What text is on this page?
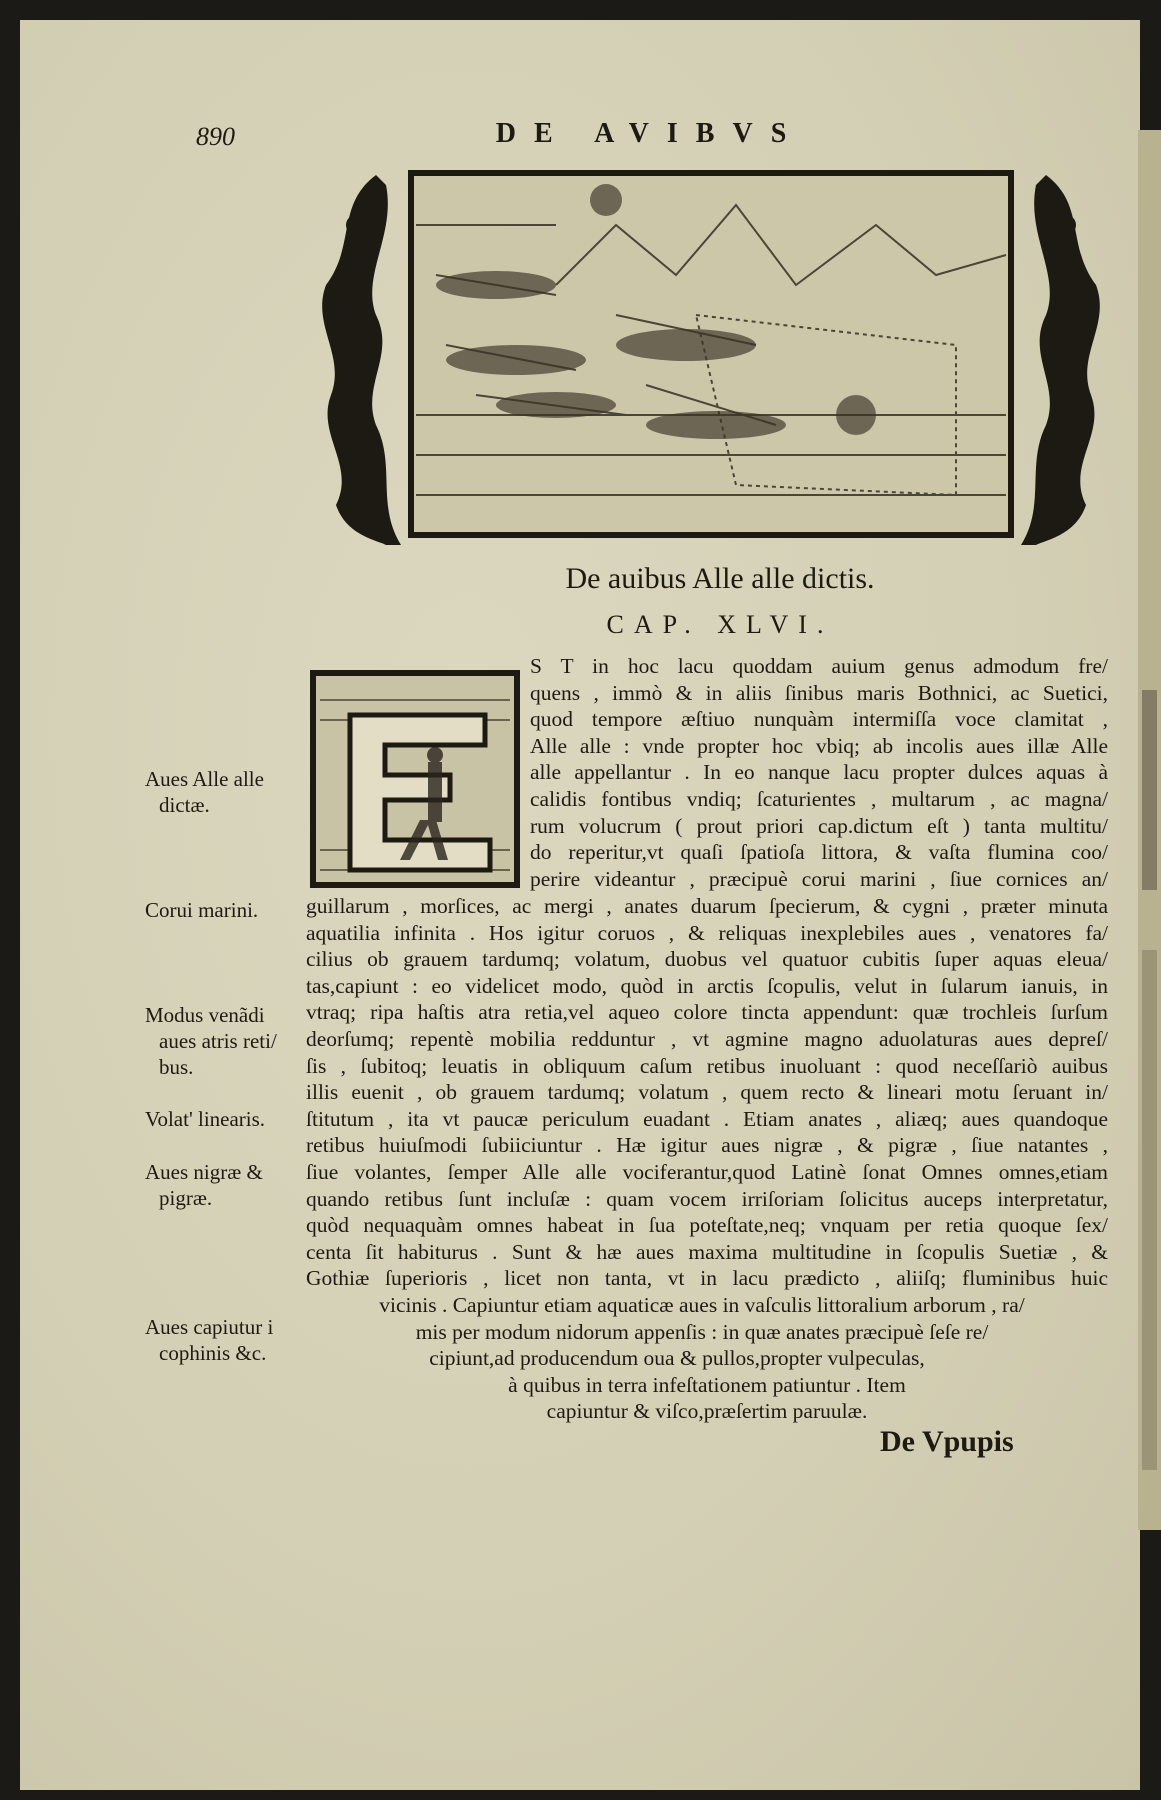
890	DE AVIBVS
De auibus Alle alle dictis.
CAP. XLVI.
S T in hoc lacu quoddam auium genus admodum fre/
quens , immò & in aliis ſinibus maris Bothnici, ac Suetici,
quod tempore æſtiuo nunquàm intermiſſa voce clamitat ,
Alle alle : vnde propter hoc vbiq; ab incolis aues illæ Alle
alle appellantur . In eo nanque lacu propter dulces aquas à
calidis fontibus vndiq; ſcaturientes , multarum , ac magna/
rum volucrum ( prout priori cap.dictum eſt ) tanta multitu/
do reperitur,vt quaſi ſpatioſa littora, & vaſta flumina coo/
perire videantur , præcipuè corui marini , ſiue cornices an/
guillarum , morſices, ac mergi , anates duarum ſpecierum, & cygni , præter minuta
aquatilia infinita . Hos igitur coruos , & reliquas inexplebiles aues , venatores fa/
cilius ob grauem tardumq; volatum, duobus vel quatuor cubitis ſuper aquas eleua/
tas,capiunt : eo videlicet modo, quòd in arctis ſcopulis, velut in ſularum ianuis, in
vtraq; ripa haſtis atra retia,vel aqueo colore tincta appendunt: quæ trochleis ſurſum
deorſumq; repentè mobilia redduntur , vt agmine magno aduolaturas aues depreſ/
ſis , ſubitoq; leuatis in obliquum caſum retibus inuoluant : quod neceſſariò auibus
illis euenit , ob grauem tardumq; volatum , quem recto & lineari motu ſeruant in/
ſtitutum , ita vt paucæ periculum euadant . Etiam anates , aliæq; aues quandoque
retibus huiuſmodi ſubiiciuntur . Hæ igitur aues nigræ , & pigræ , ſiue natantes ,
ſiue volantes, ſemper Alle alle vociferantur,quod Latinè ſonat Omnes omnes,etiam
quando retibus ſunt incluſæ : quam vocem irriſoriam ſolicitus auceps interpretatur,
quòd nequaquàm omnes habeat in ſua poteſtate,neq; vnquam per retia quoque ſex/
centa ſit habiturus . Sunt & hæ aues maxima multitudine in ſcopulis Suetiæ , &
Gothiæ ſuperioris , licet non tanta, vt in lacu prædicto , aliiſq; fluminibus huic
vicinis . Capiuntur etiam aquaticæ aues in vaſculis littoralium arborum , ra/
mis per modum nidorum appenſis : in quæ anates præcipuè ſeſe re/
cipiunt,ad producendum oua & pullos,propter vulpeculas,
à quibus in terra infeſtationem patiuntur . Item
capiuntur & viſco,præſertim paruulæ.
De Vpupis
Aues Alle alle
dictæ.
Corui marini.
Modus venãdi
aues atris reti/
bus.
Volat' linearis.
Aues nigræ &
pigræ.
Aues capiutur i
cophinis &c.
